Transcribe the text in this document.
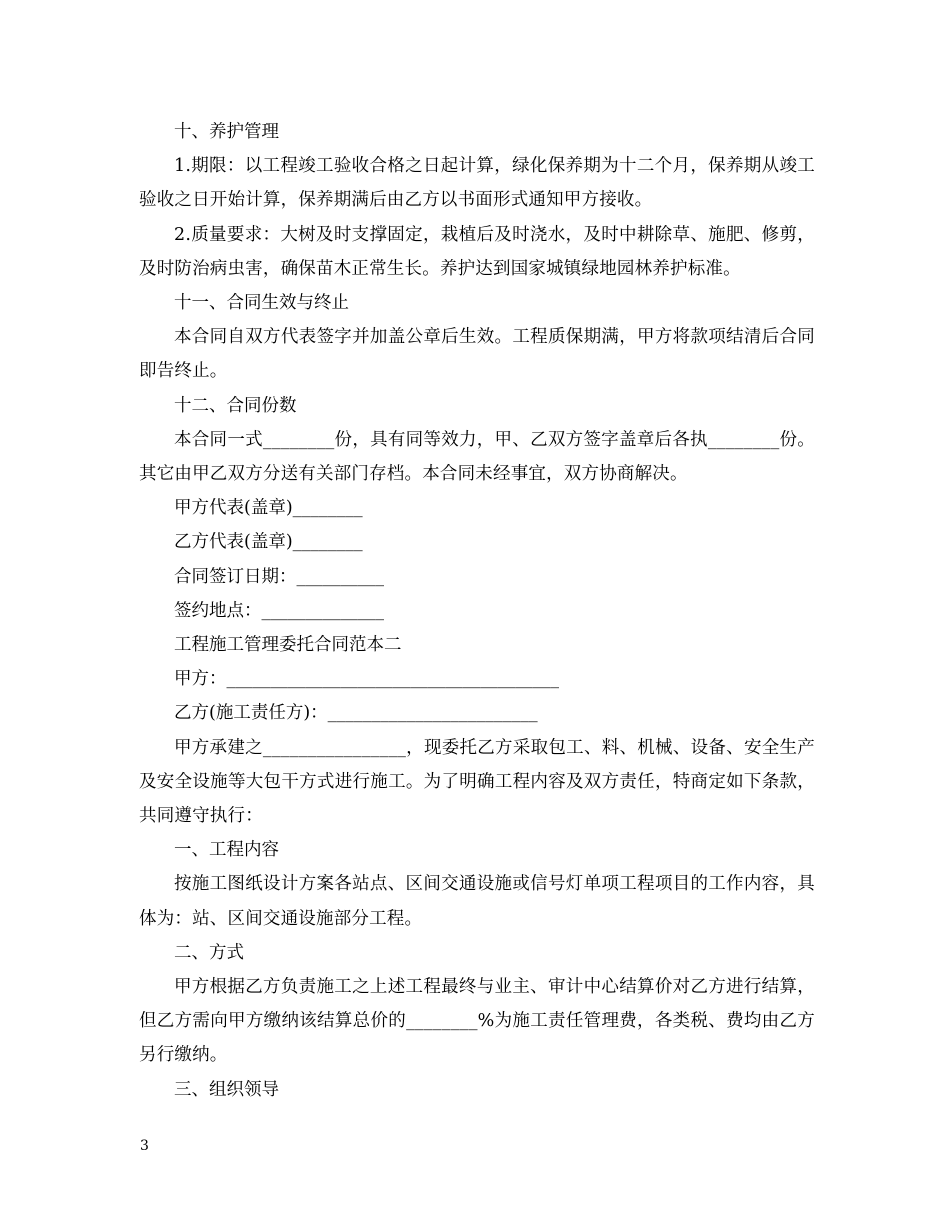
十、养护管理

1.期限：以工程竣工验收合格之日起计算，绿化保养期为十二个月，保养期从竣工验收之日开始计算，保养期满后由乙方以书面形式通知甲方接收。

2.质量要求：大树及时支撑固定，栽植后及时浇水，及时中耕除草、施肥、修剪，及时防治病虫害，确保苗木正常生长。养护达到国家城镇绿地园林养护标准。

十一、合同生效与终止

本合同自双方代表签字并加盖公章后生效。工程质保期满，甲方将款项结清后合同即告终止。

十二、合同份数

本合同一式________份，具有同等效力，甲、乙双方签字盖章后各执________份。其它由甲乙双方分送有关部门存档。本合同未经事宜，双方协商解决。

甲方代表(盖章)________

乙方代表(盖章)________

合同签订日期：__________

签约地点：______________

工程施工管理委托合同范本二

甲方：______________________________________

乙方(施工责任方)：________________________

甲方承建之________________，现委托乙方采取包工、料、机械、设备、安全生产及安全设施等大包干方式进行施工。为了明确工程内容及双方责任，特商定如下条款，共同遵守执行：

一、工程内容

按施工图纸设计方案各站点、区间交通设施或信号灯单项工程项目的工作内容，具体为：站、区间交通设施部分工程。

二、方式

甲方根据乙方负责施工之上述工程最终与业主、审计中心结算价对乙方进行结算，但乙方需向甲方缴纳该结算总价的________%为施工责任管理费，各类税、费均由乙方另行缴纳。

三、组织领导

3
